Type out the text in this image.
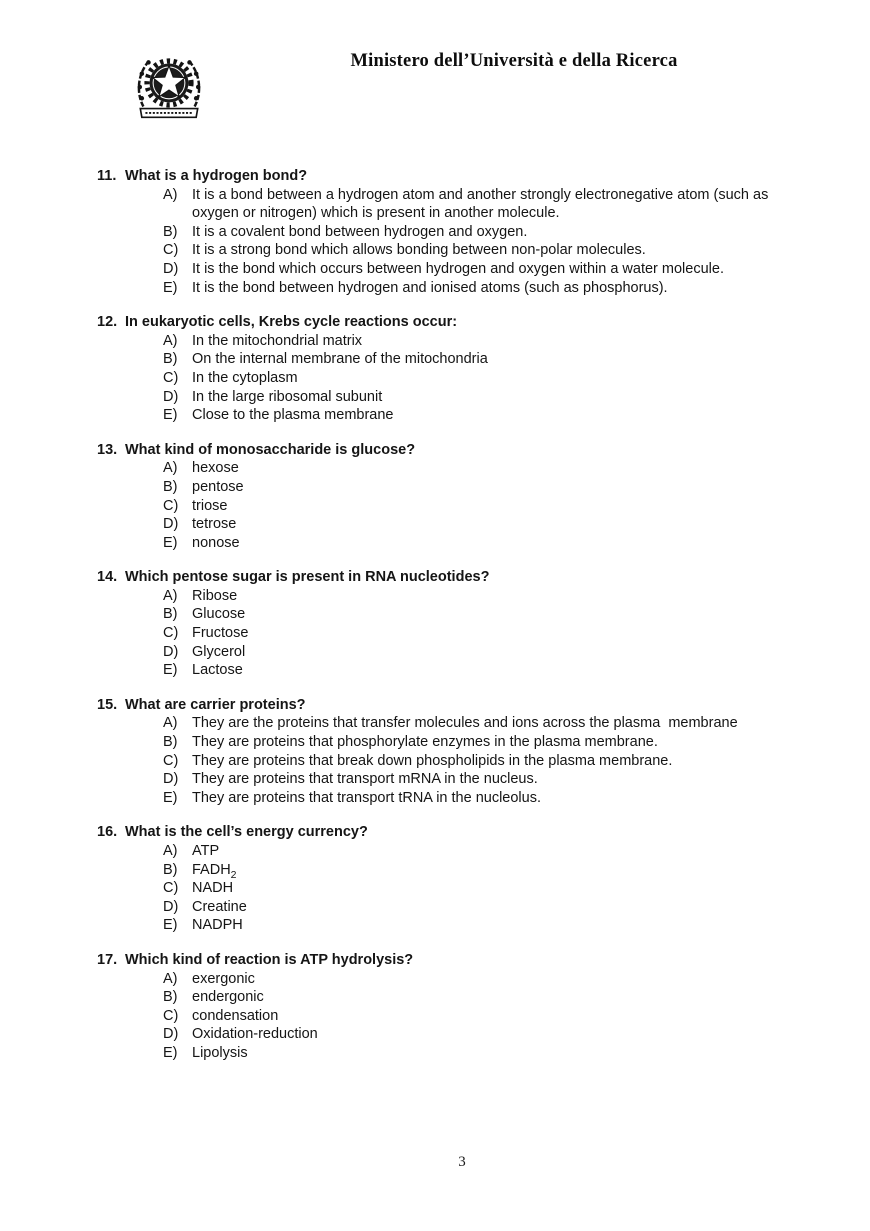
Ministero dell’Università e della Ricerca
11. What is a hydrogen bond?
A)	It is a bond between a hydrogen atom and another strongly electronegative atom (such as oxygen or nitrogen) which is present in another molecule.
B)	It is a covalent bond between hydrogen and oxygen.
C) It is a strong bond which allows bonding between non-polar molecules.
D) It is the bond which occurs between hydrogen and oxygen within a water molecule.
E)	It is the bond between hydrogen and ionised atoms (such as phosphorus).
12. In eukaryotic cells, Krebs cycle reactions occur:
A)	In the mitochondrial matrix
B)	On the internal membrane of the mitochondria
C) In the cytoplasm
D) In the large ribosomal subunit
E)	Close to the plasma membrane
13. What kind of monosaccharide is glucose?
A)	hexose
B)	pentose
C) triose
D) tetrose
E)	nonose
14. Which pentose sugar is present in RNA nucleotides?
A)	Ribose
B)	Glucose
C) Fructose
D) Glycerol
E)	Lactose
15. What are carrier proteins?
A)	They are the proteins that transfer molecules and ions across the plasma  membrane
B)	They are proteins that phosphorylate enzymes in the plasma membrane.
C) They are proteins that break down phospholipids in the plasma membrane.
D) They are proteins that transport mRNA in the nucleus.
E)	They are proteins that transport tRNA in the nucleolus.
16. What is the cell’s energy currency?
A)	ATP
B)	$FADH_2$
C) NADH
D) Creatine
E)	NADPH
17. Which kind of reaction is ATP hydrolysis?
A)	exergonic
B)	endergonic
C) condensation
D) Oxidation-reduction
E)	Lipolysis
3
